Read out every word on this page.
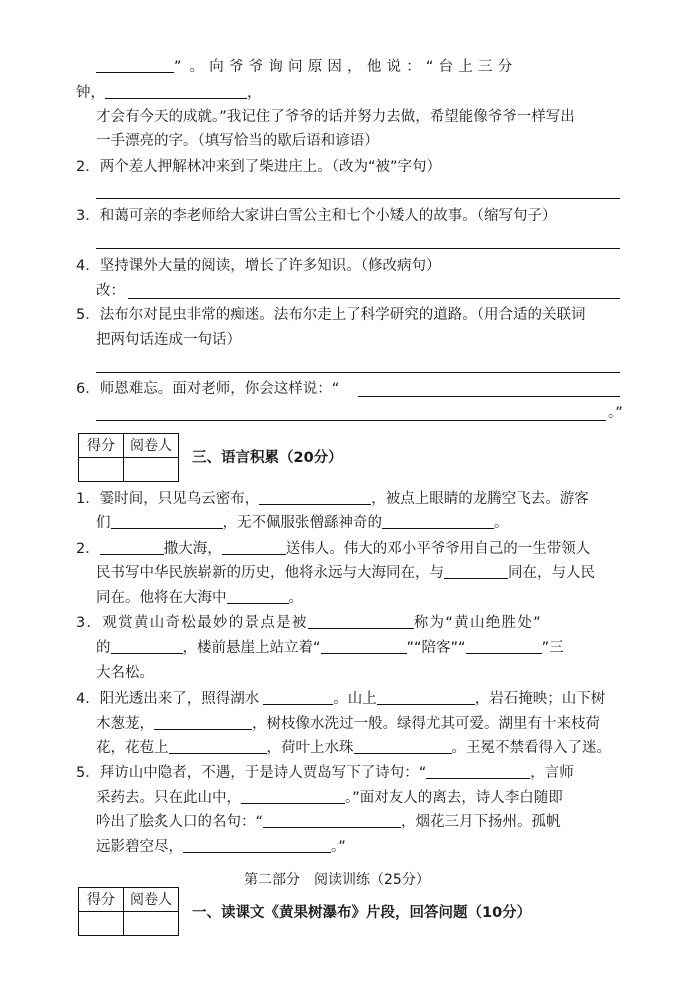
” 。向爷爷询问原因，他说：“台上三分
钟，	，
才会有今天的成就。”我记住了爷爷的话并努力去做，希望能像爷爷一样写出
一手漂亮的字。（填写恰当的歇后语和谚语）
2．两个差人押解林冲来到了柴进庄上。（改为“被”字句）
3．和蔼可亲的李老师给大家讲白雪公主和七个小矮人的故事。（缩写句子）
4．坚持课外大量的阅读，增长了许多知识。（修改病句）
改：
5．法布尔对昆虫非常的痴迷。法布尔走上了科学研究的道路。（用合适的关联词
把两句话连成一句话）
6．师恩难忘。面对老师，你会这样说：“
。”
得分	阅卷人

三、语言积累（20分）
1．霎时间，只见乌云密布，	，被点上眼睛的龙腾空飞去。游客
们	，无不佩服张僧繇神奇的	。
2．	撒大海，	送伟人。伟大的邓小平爷爷用自己的一生带领人
民书写中华民族崭新的历史，他将永远与大海同在，与	同在，与人民
同在。他将在大海中	。
3．观赏黄山奇松最妙的景点是被	称为“黄山绝胜处”
的	，楼前悬崖上站立着“	”“陪客”“	”三
大名松。
4．阳光透出来了，照得湖水	。山上	，岩石掩映；山下树
木葱茏，	，树枝像水洗过一般。绿得尤其可爱。湖里有十来枝荷
花，花苞上	，荷叶上水珠	。王冕不禁看得入了迷。
5．拜访山中隐者，不遇，于是诗人贾岛写下了诗句：“	，言师
采药去。只在此山中，	。”面对友人的离去，诗人李白随即
吟出了脍炙人口的名句：“	，烟花三月下扬州。孤帆
远影碧空尽，	。”
第二部分　阅读训练（25分）
得分	阅卷人

一、读课文《黄果树瀑布》片段，回答问题（10分）
